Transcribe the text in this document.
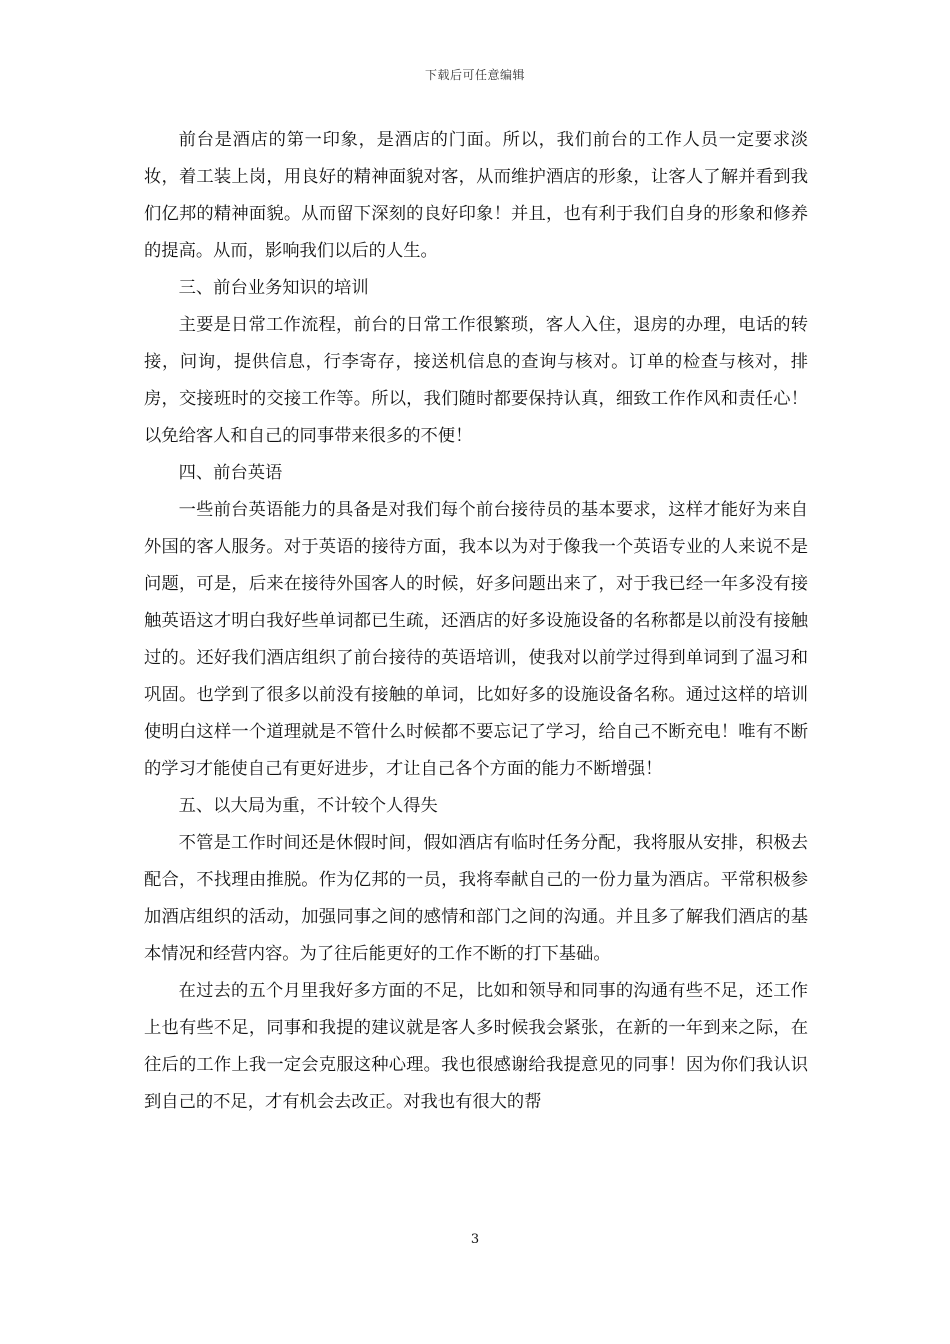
下载后可任意编辑

前台是酒店的第一印象，是酒店的门面。所以，我们前台的工作人员一定要求淡妆，着工装上岗，用良好的精神面貌对客，从而维护酒店的形象，让客人了解并看到我们亿邦的精神面貌。从而留下深刻的良好印象！并且，也有利于我们自身的形象和修养的提高。从而，影响我们以后的人生。

三、前台业务知识的培训

主要是日常工作流程，前台的日常工作很繁琐，客人入住，退房的办理，电话的转接，问询，提供信息，行李寄存，接送机信息的查询与核对。订单的检查与核对，排房，交接班时的交接工作等。所以，我们随时都要保持认真，细致工作作风和责任心！以免给客人和自己的同事带来很多的不便！

四、前台英语

一些前台英语能力的具备是对我们每个前台接待员的基本要求，这样才能好为来自外国的客人服务。对于英语的接待方面，我本以为对于像我一个英语专业的人来说不是问题，可是，后来在接待外国客人的时候，好多问题出来了，对于我已经一年多没有接触英语这才明白我好些单词都已生疏，还酒店的好多设施设备的名称都是以前没有接触过的。还好我们酒店组织了前台接待的英语培训，使我对以前学过得到单词到了温习和巩固。也学到了很多以前没有接触的单词，比如好多的设施设备名称。通过这样的培训使明白这样一个道理就是不管什么时候都不要忘记了学习，给自己不断充电！唯有不断的学习才能使自己有更好进步，才让自己各个方面的能力不断增强！

五、以大局为重，不计较个人得失

不管是工作时间还是休假时间，假如酒店有临时任务分配，我将服从安排，积极去配合，不找理由推脱。作为亿邦的一员，我将奉献自己的一份力量为酒店。平常积极参加酒店组织的活动，加强同事之间的感情和部门之间的沟通。并且多了解我们酒店的基本情况和经营内容。为了往后能更好的工作不断的打下基础。

在过去的五个月里我好多方面的不足，比如和领导和同事的沟通有些不足，还工作上也有些不足，同事和我提的建议就是客人多时候我会紧张，在新的一年到来之际，在往后的工作上我一定会克服这种心理。我也很感谢给我提意见的同事！因为你们我认识到自己的不足，才有机会去改正。对我也有很大的帮

3
